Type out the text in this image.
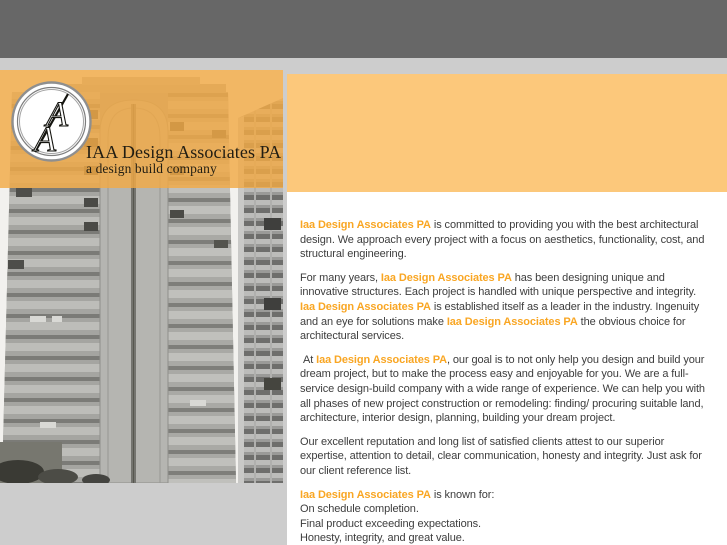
A
A IAA Design Associates PA
a design build company

Iaa Design Associates PA is committed to providing you with the best architectural design. We approach every project with a focus on aesthetics, functionality, cost, and structural engineering.

For many years, Iaa Design Associates PA has been designing unique and innovative structures. Each project is handled with unique perspective and integrity. Iaa Design Associates PA is established itself as a leader in the industry. Ingenuity and an eye for solutions make Iaa Design Associates PA the obvious choice for architectural services.

At Iaa Design Associates PA, our goal is to not only help you design and build your dream project, but to make the process easy and enjoyable for you. We are a full-service design-build company with a wide range of experience. We can help you with all phases of new project construction or remodeling: finding/ procuring suitable land, architecture, interior design, planning, building your dream project.

Our excellent reputation and long list of satisfied clients attest to our superior expertise, attention to detail, clear communication, honesty and integrity. Just ask for our client reference list.

Iaa Design Associates PA is known for:
On schedule completion.
Final product exceeding expectations.
Honesty, integrity, and great value.
